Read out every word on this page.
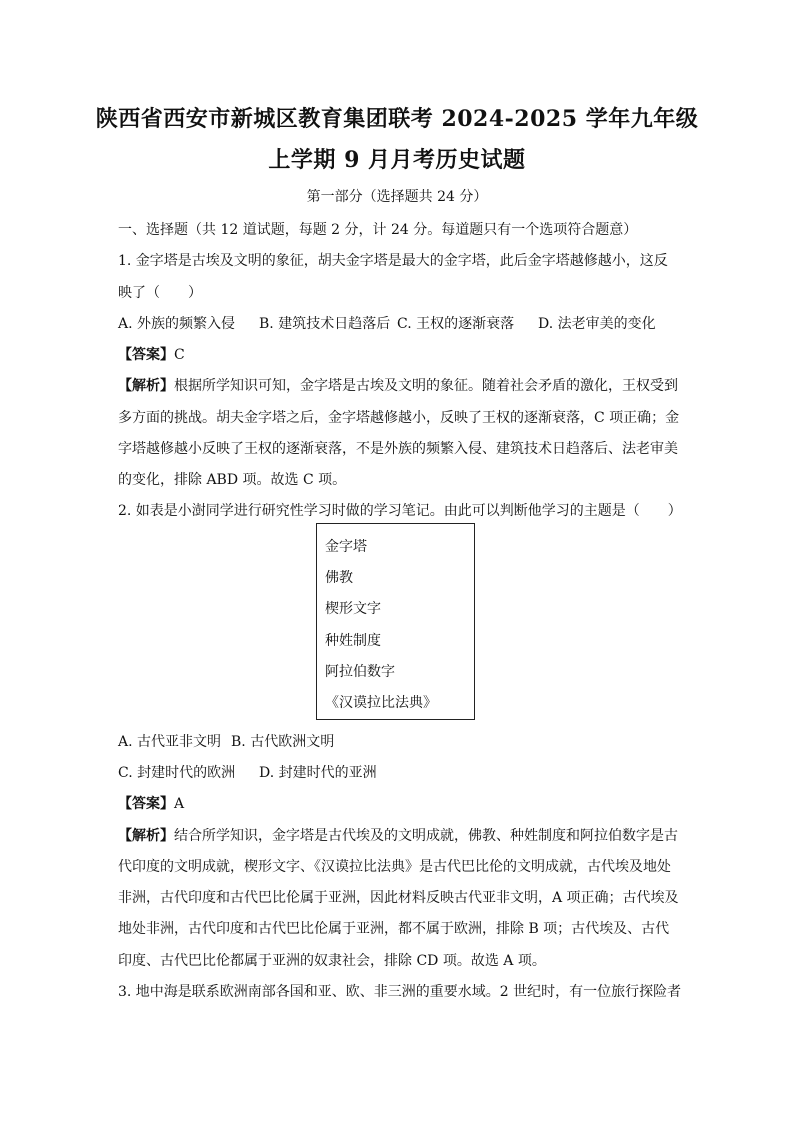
陕西省西安市新城区教育集团联考 2024-2025 学年九年级
上学期 9 月月考历史试题
第一部分（选择题共 24 分）
一、选择题（共 12 道试题，每题 2 分，计 24 分。每道题只有一个选项符合题意）
1. 金字塔是古埃及文明的象征，胡夫金字塔是最大的金字塔，此后金字塔越修越小，这反
映了（　　）
A. 外族的频繁入侵 B. 建筑技术日趋落后 C. 王权的逐渐衰落 D. 法老审美的变化
【答案】C
【解析】根据所学知识可知，金字塔是古埃及文明的象征。随着社会矛盾的激化，王权受到
多方面的挑战。胡夫金字塔之后，金字塔越修越小，反映了王权的逐渐衰落，C 项正确；金
字塔越修越小反映了王权的逐渐衰落，不是外族的频繁入侵、建筑技术日趋落后、法老审美
的变化，排除 ABD 项。故选 C 项。
2. 如表是小澍同学进行研究性学习时做的学习笔记。由此可以判断他学习的主题是（　　）
金字塔
佛教
楔形文字
种姓制度
阿拉伯数字
《汉谟拉比法典》
A. 古代亚非文明 B. 古代欧洲文明
C. 封建时代的欧洲 D. 封建时代的亚洲
【答案】A
【解析】结合所学知识，金字塔是古代埃及的文明成就，佛教、种姓制度和阿拉伯数字是古
代印度的文明成就，楔形文字、《汉谟拉比法典》是古代巴比伦的文明成就，古代埃及地处
非洲，古代印度和古代巴比伦属于亚洲，因此材料反映古代亚非文明，A 项正确；古代埃及
地处非洲，古代印度和古代巴比伦属于亚洲，都不属于欧洲，排除 B 项；古代埃及、古代
印度、古代巴比伦都属于亚洲的奴隶社会，排除 CD 项。故选 A 项。
3. 地中海是联系欧洲南部各国和亚、欧、非三洲的重要水域。2 世纪时，有一位旅行探险者
